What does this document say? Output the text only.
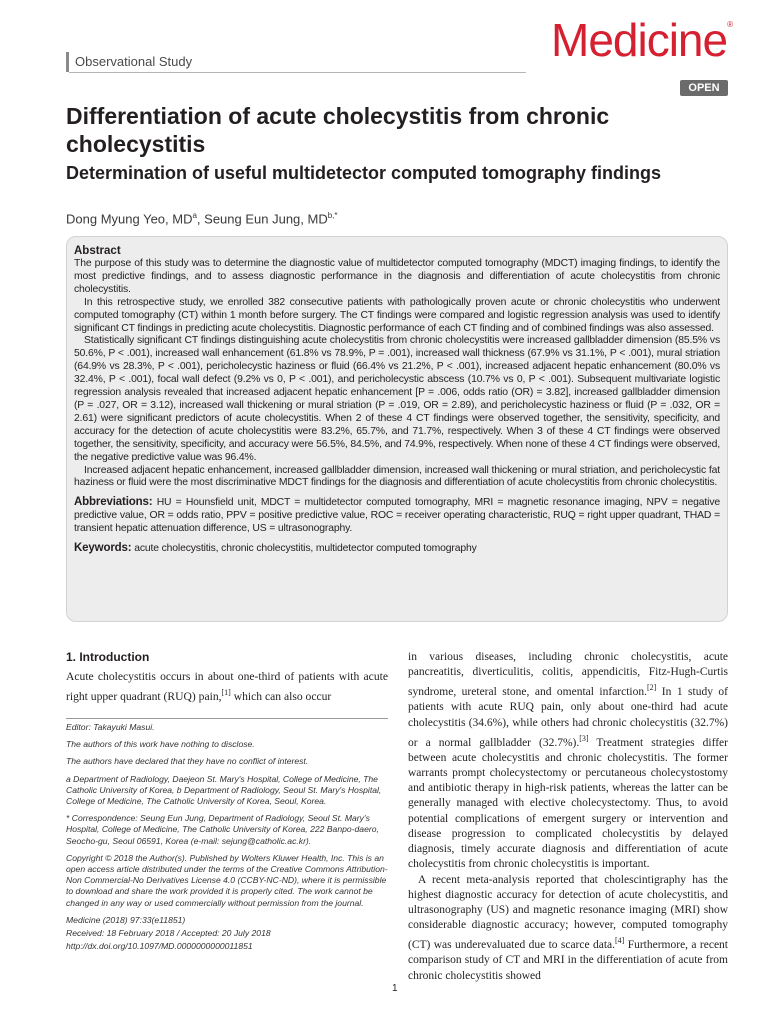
Observational Study	Medicine®
OPEN
Differentiation of acute cholecystitis from chronic cholecystitis
Determination of useful multidetector computed tomography findings
Dong Myung Yeo, $MD^a$, Seung Eun Jung, $MD^{b,*}$
Abstract

The purpose of this study was to determine the diagnostic value of multidetector computed tomography (MDCT) imaging findings, to identify the most predictive findings, and to assess diagnostic performance in the diagnosis and differentiation of acute cholecystitis from chronic cholecystitis.

In this retrospective study, we enrolled 382 consecutive patients with pathologically proven acute or chronic cholecystitis who underwent computed tomography (CT) within 1 month before surgery. The CT findings were compared and logistic regression analysis was used to identify significant CT findings in predicting acute cholecystitis. Diagnostic performance of each CT finding and of combined findings was also assessed.

Statistically significant CT findings distinguishing acute cholecystitis from chronic cholecystitis were increased gallbladder dimension (85.5% vs 50.6%, P < .001), increased wall enhancement (61.8% vs 78.9%, P = .001), increased wall thickness (67.9% vs 31.1%, P < .001), mural striation (64.9% vs 28.3%, P < .001), pericholecystic haziness or fluid (66.4% vs 21.2%, P < .001), increased adjacent hepatic enhancement (80.0% vs 32.4%, P < .001), focal wall defect (9.2% vs 0, P < .001), and pericholecystic abscess (10.7% vs 0, P < .001). Subsequent multivariate logistic regression analysis revealed that increased adjacent hepatic enhancement [P = .006, odds ratio (OR) = 3.82], increased gallbladder dimension (P = .027, OR = 3.12), increased wall thickening or mural striation (P = .019, OR = 2.89), and pericholecystic haziness or fluid (P = .032, OR = 2.61) were significant predictors of acute cholecystitis. When 2 of these 4 CT findings were observed together, the sensitivity, specificity, and accuracy for the detection of acute cholecystitis were 83.2%, 65.7%, and 71.7%, respectively. When 3 of these 4 CT findings were observed together, the sensitivity, specificity, and accuracy were 56.5%, 84.5%, and 74.9%, respectively. When none of these 4 CT findings were observed, the negative predictive value was 96.4%.

Increased adjacent hepatic enhancement, increased gallbladder dimension, increased wall thickening or mural striation, and pericholecystic fat haziness or fluid were the most discriminative MDCT findings for the diagnosis and differentiation of acute cholecystitis from chronic cholecystitis.

Abbreviations: HU = Hounsfield unit, MDCT = multidetector computed tomography, MRI = magnetic resonance imaging, NPV = negative predictive value, OR = odds ratio, PPV = positive predictive value, ROC = receiver operating characteristic, RUQ = right upper quadrant, THAD = transient hepatic attenuation difference, US = ultrasonography.

Keywords: acute cholecystitis, chronic cholecystitis, multidetector computed tomography

1. Introduction

Acute cholecystitis occurs in about one-third of patients with acute right upper quadrant (RUQ) pain,[1] which can also occur

Editor: Takayuki Masui.

The authors of this work have nothing to disclose.

The authors have declared that they have no conflict of interest.

a Department of Radiology, Daejeon St. Mary's Hospital, College of Medicine, The Catholic University of Korea, b Department of Radiology, Seoul St. Mary's Hospital, College of Medicine, The Catholic University of Korea, Seoul, Korea.

* Correspondence: Seung Eun Jung, Department of Radiology, Seoul St. Mary's Hospital, College of Medicine, The Catholic University of Korea, 222 Banpo-daero, Seocho-gu, Seoul 06591, Korea (e-mail: sejung@catholic.ac.kr).

Copyright © 2018 the Author(s). Published by Wolters Kluwer Health, Inc. This is an open access article distributed under the terms of the Creative Commons Attribution-Non Commercial-No Derivatives License 4.0 (CCBY-NC-ND), where it is permissible to download and share the work provided it is properly cited. The work cannot be changed in any way or used commercially without permission from the journal.

Medicine (2018) 97:33(e11851)

Received: 18 February 2018 / Accepted: 20 July 2018

http://dx.doi.org/10.1097/MD.0000000000011851

in various diseases, including chronic cholecystitis, acute pancreatitis, diverticulitis, colitis, appendicitis, Fitz-Hugh-Curtis syndrome, ureteral stone, and omental infarction.[2] In 1 study of patients with acute RUQ pain, only about one-third had acute cholecystitis (34.6%), while others had chronic cholecystitis (32.7%) or a normal gallbladder (32.7%).[3] Treatment strategies differ between acute cholecystitis and chronic cholecystitis. The former warrants prompt cholecystectomy or percutaneous cholecystostomy and antibiotic therapy in high-risk patients, whereas the latter can be generally managed with elective cholecystectomy. Thus, to avoid potential complications of emergent surgery or intervention and disease progression to complicated cholecystitis by delayed diagnosis, timely accurate diagnosis and differentiation of acute cholecystitis from chronic cholecystitis is important.

A recent meta-analysis reported that cholescintigraphy has the highest diagnostic accuracy for detection of acute cholecystitis, and ultrasonography (US) and magnetic resonance imaging (MRI) show considerable diagnostic accuracy; however, computed tomography (CT) was underevaluated due to scarce data.[4] Furthermore, a recent comparison study of CT and MRI in the differentiation of acute from chronic cholecystitis showed

1
